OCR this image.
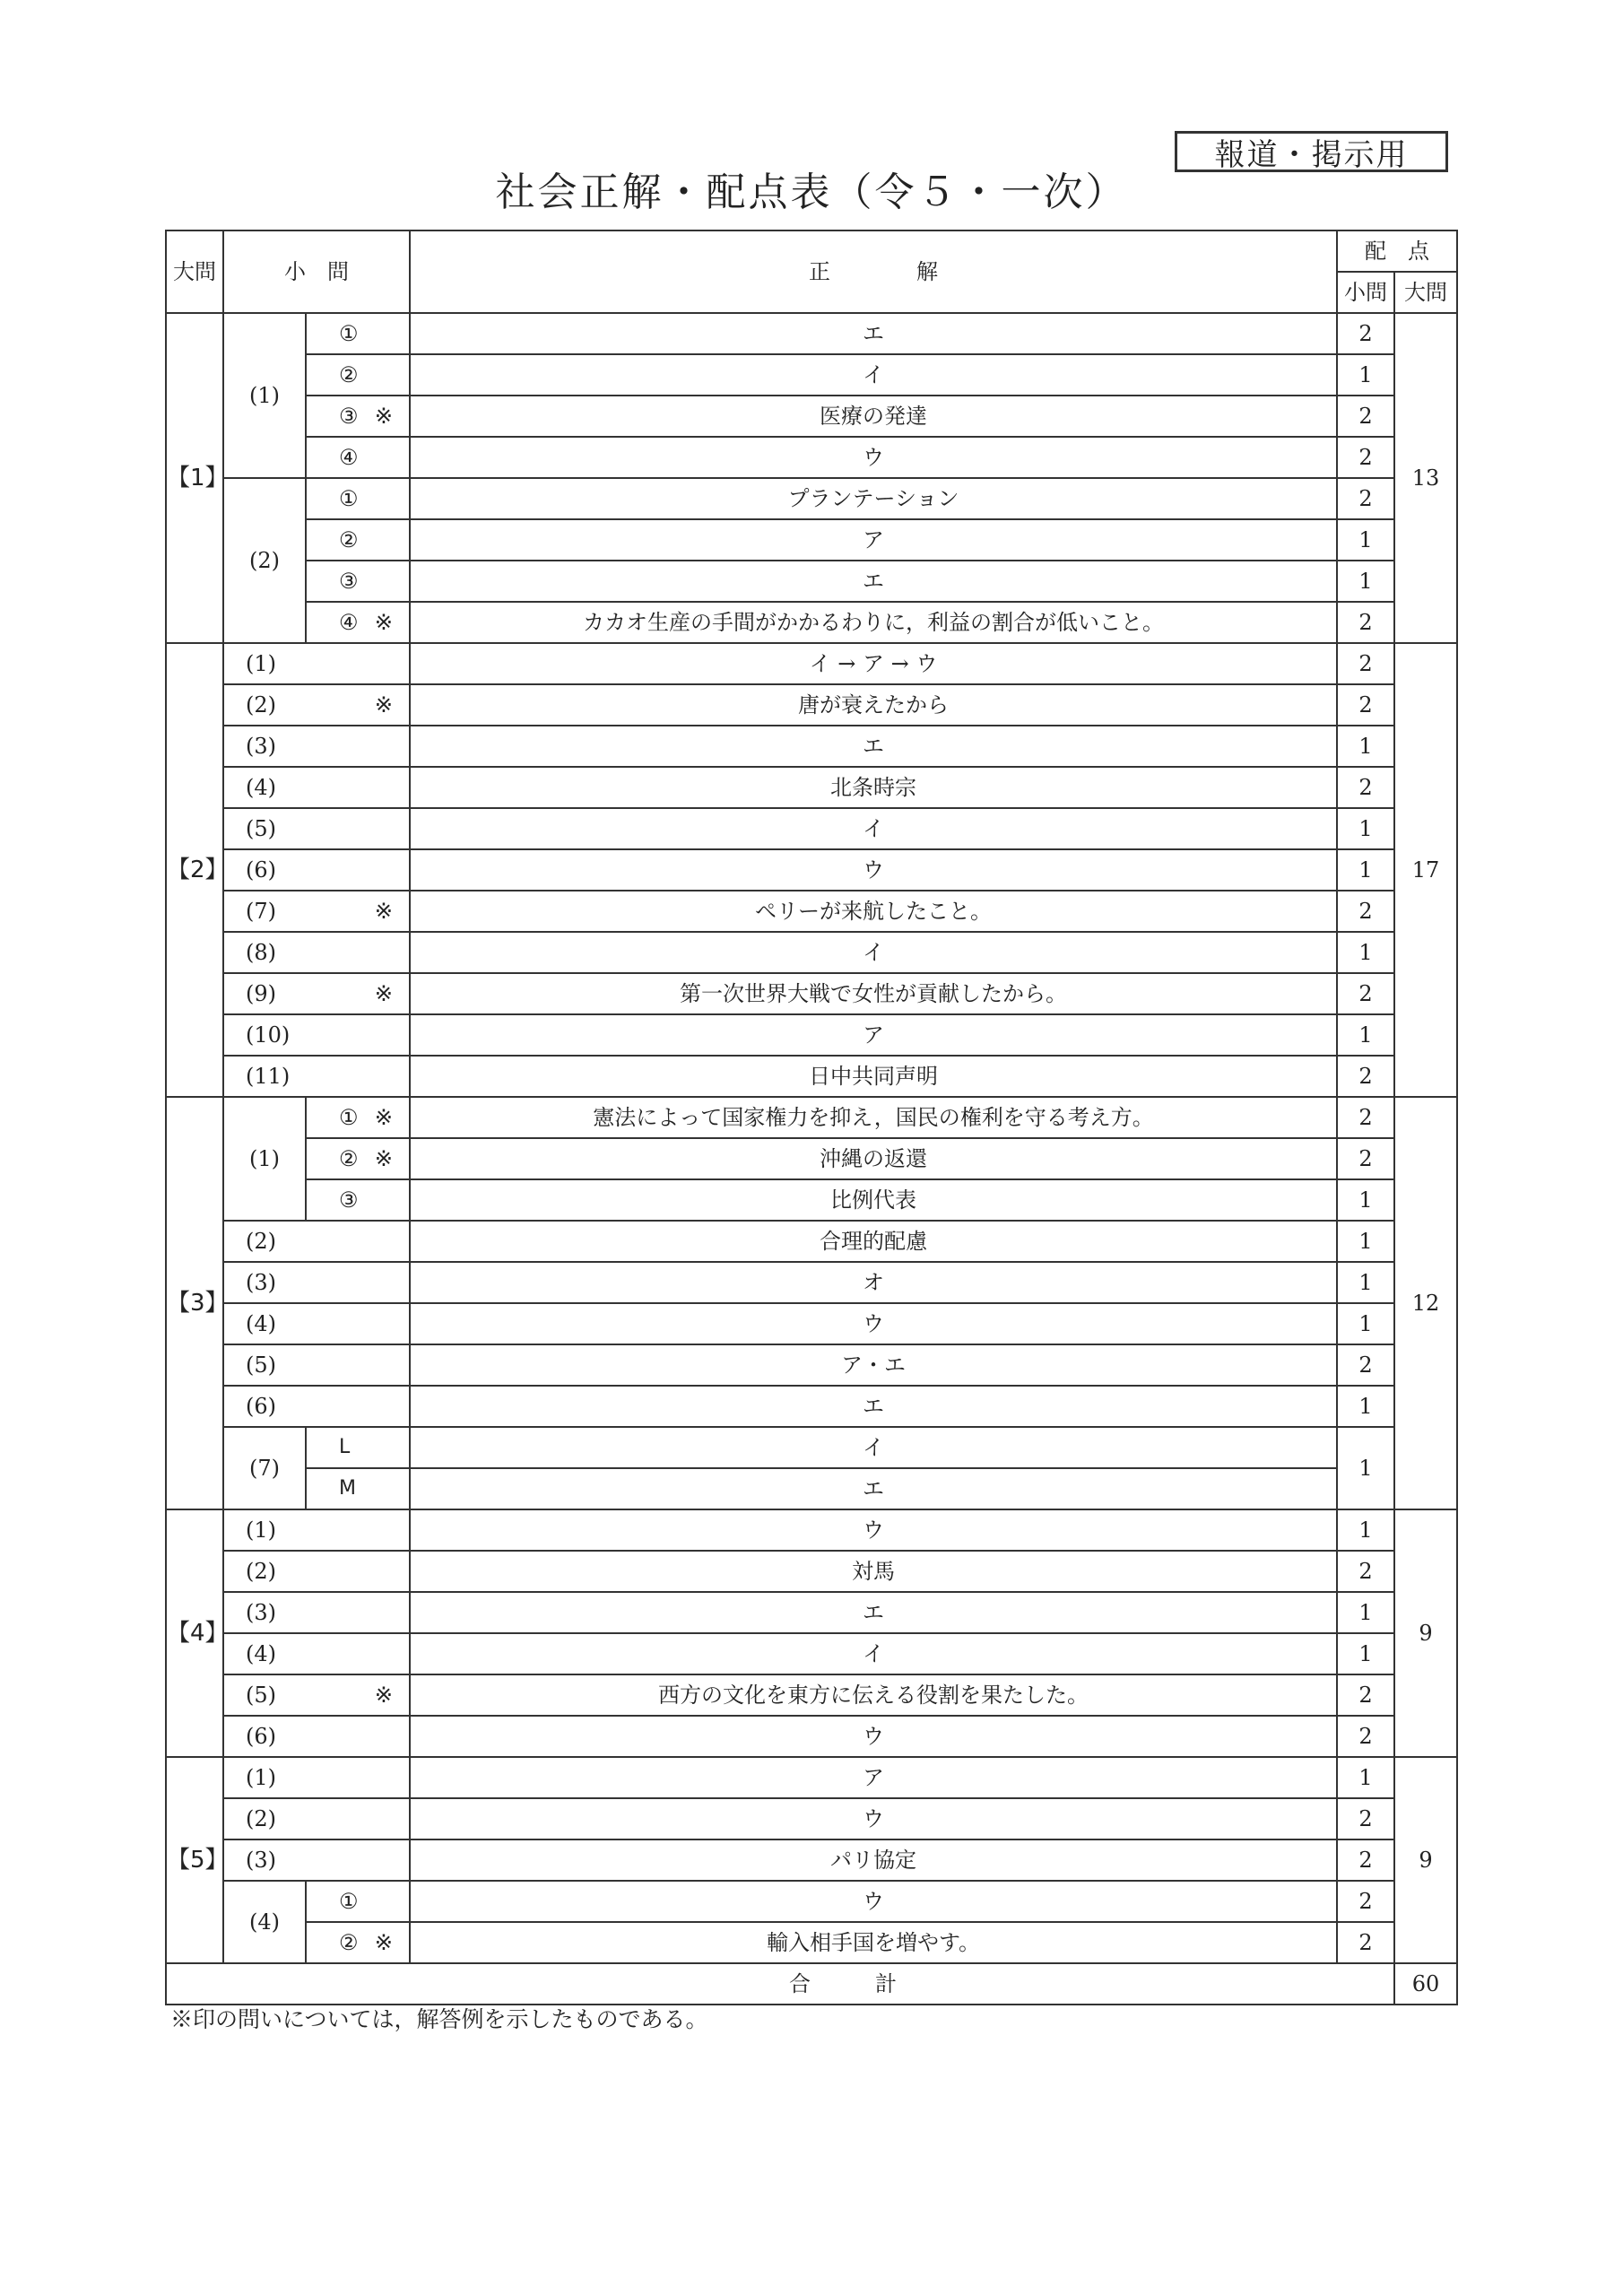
報道・掲示用
社会正解・配点表（令５・一次）
大問	小　問		正　　　　解	配　点	
				小問	大問
【1】	(1)	①	エ	2	13

		②	イ	1	

		③ ※	医療の発達	2	

		④	ウ	2	
	(2)	①	プランテーション	2	

		②	ア	1	

		③	エ	1	

		④ ※	カカオ生産の手間がかかるわりに，利益の割合が低いこと。	2	
【2】	(1)		イ → ア → ウ	2	17

	(2) ※		唐が衰えたから	2	

	(3)		エ	1	

	(4)		北条時宗	2	

	(5)		イ	1	

	(6)		ウ	1	

	(7) ※		ペリーが来航したこと。	2	

	(8)		イ	1	

	(9) ※		第一次世界大戦で女性が貢献したから。	2	

	(10)		ア	1	

	(11)		日中共同声明	2	
【3】	(1)	① ※	憲法によって国家権力を抑え，国民の権利を守る考え方。	2	12

		② ※	沖縄の返還	2	

		③	比例代表	1	

	(2)		合理的配慮	1	

	(3)		オ	1	

	(4)		ウ	1	

	(5)		ア・エ	2	

	(6)		エ	1	
	(7)	L	イ	1	

		M	エ		
【4】	(1)		ウ	1	9

	(2)		対馬	2	

	(3)		エ	1	

	(4)		イ	1	

	(5) ※		西方の文化を東方に伝える役割を果たした。	2	

	(6)		ウ	2	
【5】	(1)		ア	1	9

	(2)		ウ	2	

	(3)		パリ協定	2	
	(4)	①	ウ	2	

		② ※	輸入相手国を増やす。	2	
合　　　計					60
※印の問いについては，解答例を示したものである。
